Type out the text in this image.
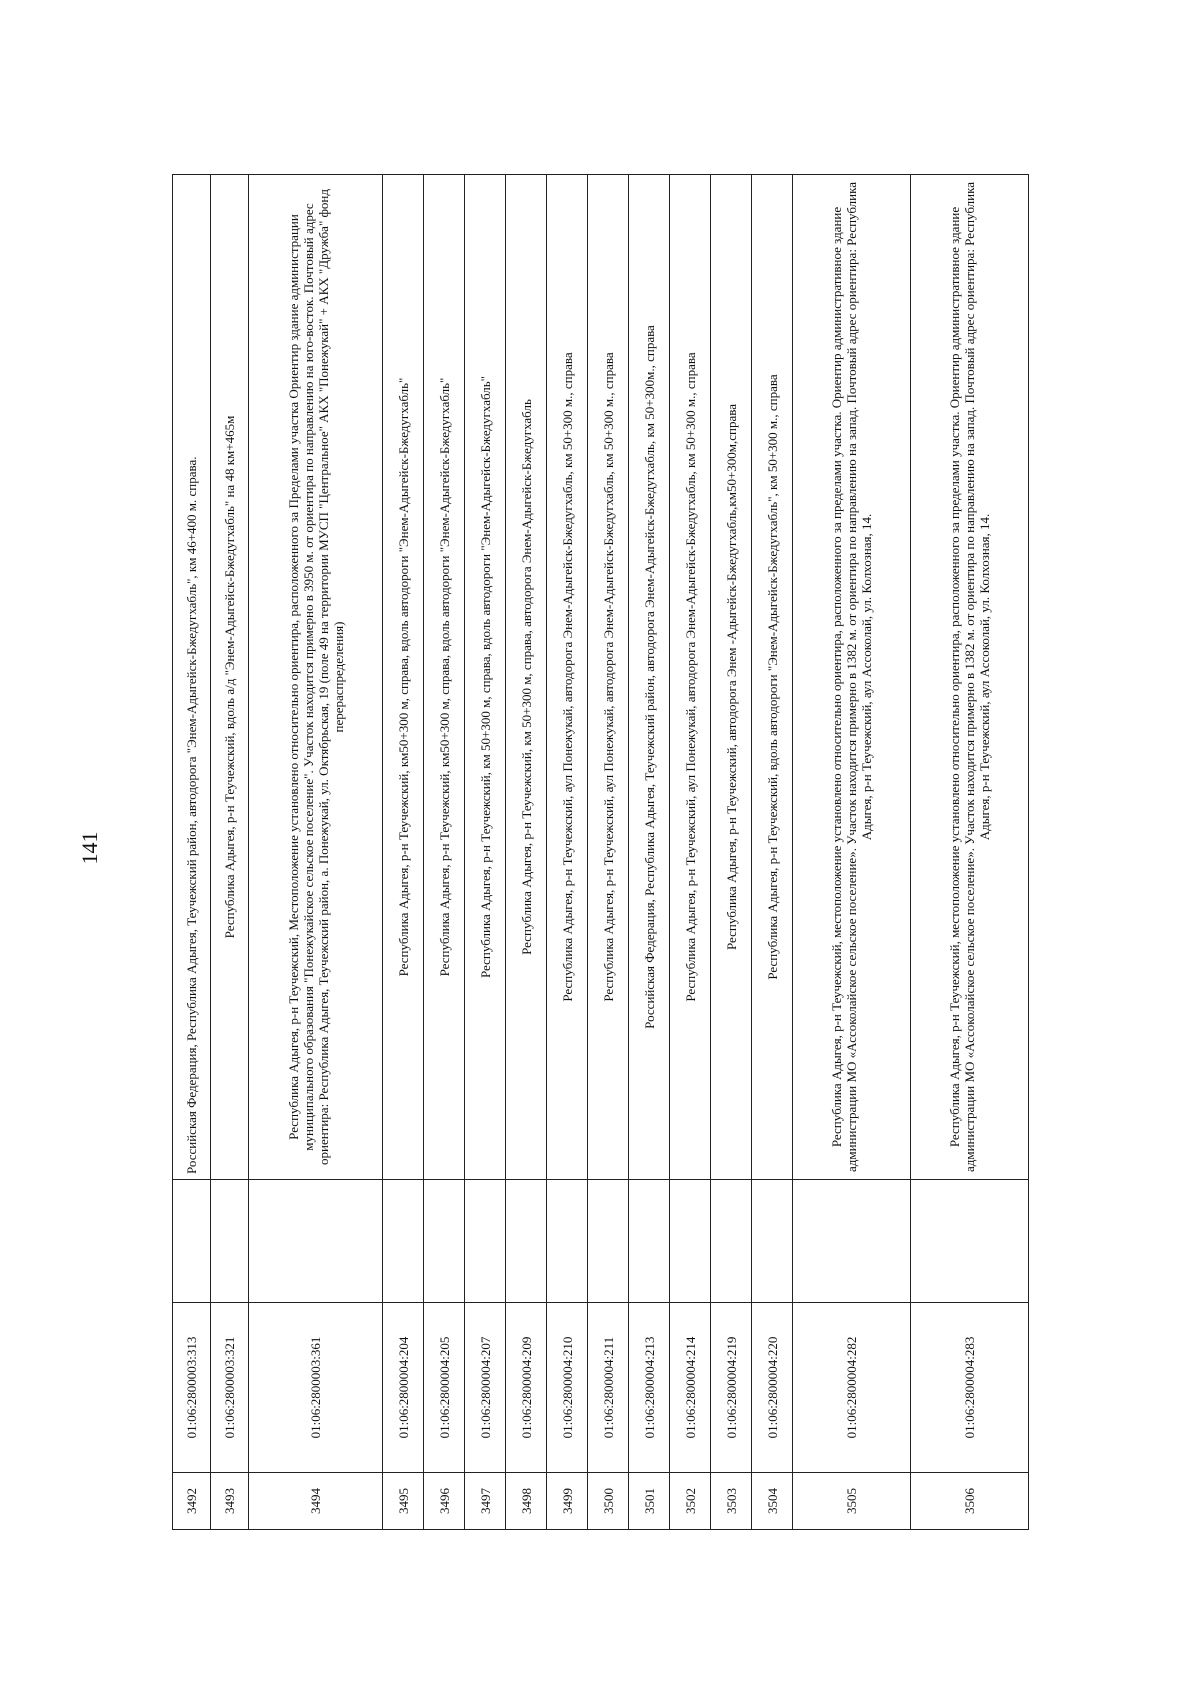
141
3492	01:06:2800003:313		Российская Федерация, Республика Адыгея, Теучежский район, автодорога "Энем-Адыгейск-Бжедугхабль", км 46+400 м. справа.
3493	01:06:2800003:321		Республика Адыгея, р-н Теучежский, вдоль а/д "Энем-Адыгейск-Бжедугхабль" на 48 км+465м
3494	01:06:2800003:361		Республика Адыгея, р-н Теучежский, Местоположение установлено относительно ориентира, расположенного за Пределами участка Ориентир здание администрации муниципального образования "Понежукайское сельское поселение". Участок находится примерно в 3950 м. от ориентира по направлению на юго-восток. Почтовый адрес ориентира: Республика Адыгея, Теучежский район, а. Понежукай, ул. Октябрьская, 19 (поле 49 на территории МУСП "Центральное" АКХ "Понежукай" + АКХ "Дружба" фонд перераспределения)
3495	01:06:2800004:204		Республика Адыгея, р-н Теучежский, км50+300 м, справа, вдоль автодороги "Энем-Адыгейск-Бжедугхабль"
3496	01:06:2800004:205		Республика Адыгея, р-н Теучежский, км50+300 м, справа, вдоль автодороги "Энем-Адыгейск-Бжедугхабль"
3497	01:06:2800004:207		Республика Адыгея, р-н Теучежский, км 50+300 м, справа, вдоль автодороги "Энем-Адыгейск-Бжедугхабль"
3498	01:06:2800004:209		Республика Адыгея, р-н Теучежский, км 50+300 м, справа, автодорога Энем-Адыгейск-Бжедугхабль
3499	01:06:2800004:210		Республика Адыгея, р-н Теучежский, аул Понежукай, автодорога Энем-Адыгейск-Бжедугхабль, км 50+300 м., справа
3500	01:06:2800004:211		Республика Адыгея, р-н Теучежский, аул Понежукай, автодорога Энем-Адыгейск-Бжедугхабль, км 50+300 м., справа
3501	01:06:2800004:213		Российская Федерация, Республика Адыгея, Теучежский район, автодорога Энем-Адыгейск-Бжедугхабль, км 50+300м., справа
3502	01:06:2800004:214		Республика Адыгея, р-н Теучежский, аул Понежукай, автодорога Энем-Адыгейск-Бжедугхабль, км 50+300 м., справа
3503	01:06:2800004:219		Республика Адыгея, р-н Теучежский, автодорога Энем -Адыгейск-Бжедугхабль,км50+300м,справа
3504	01:06:2800004:220		Республика Адыгея, р-н Теучежский, вдоль автодороги "Энем-Адыгейск-Бжедугхабль", км 50+300 м., справа
3505	01:06:2800004:282		Республика Адыгея, р-н Теучежский, местоположение установлено относительно ориентира, расположенного за пределами участка. Ориентир административное здание администрации МО «Ассоколайское сельское поселение». Участок находится примерно в 1382 м. от ориентира по направлению на запад. Почтовый адрес ориентира: Республика Адыгея, р-н Теучежский, аул Ассоколай, ул. Колхозная, 14.
3506	01:06:2800004:283		Республика Адыгея, р-н Теучежский, местоположение установлено относительно ориентира, расположенного за пределами участка. Ориентир административное здание администрации МО «Ассоколайское сельское поселение». Участок находится примерно в 1382 м. от ориентира по направлению на запад. Почтовый адрес ориентира: Республика Адыгея, р-н Теучежский, аул Ассоколай, ул. Колхозная, 14.
